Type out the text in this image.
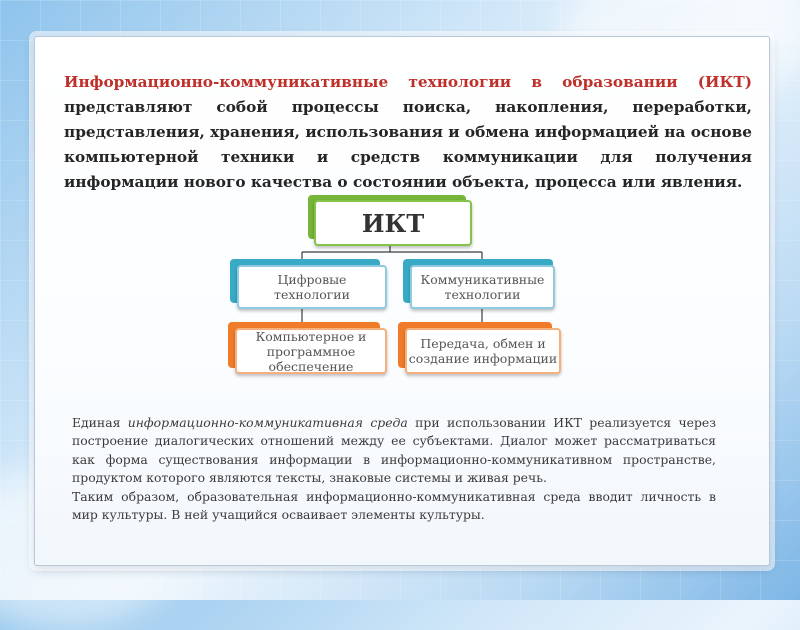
Информационно-коммуникативные технологии в образовании (ИКТ) представляют собой процессы поиска, накопления, переработки, представления, хранения, использования и обмена информацией на основе компьютерной техники и средств коммуникации для получения информации нового качества о состоянии объекта, процесса или явления.
ИКТ
Цифровые технологии
Коммуникативные технологии
Компьютерное и программное обеспечение
Передача, обмен и создание информации

Единая информационно-коммуникативная среда при использовании ИКТ реализуется через построение диалогических отношений между ее субъектами. Диалог может рассматриваться как форма существования информации в информационно-коммуникативном пространстве, продуктом которого являются тексты, знаковые системы и живая речь.

Таким образом, образовательная информационно-коммуникативная среда вводит личность в мир культуры. В ней учащийся осваивает элементы культуры.
